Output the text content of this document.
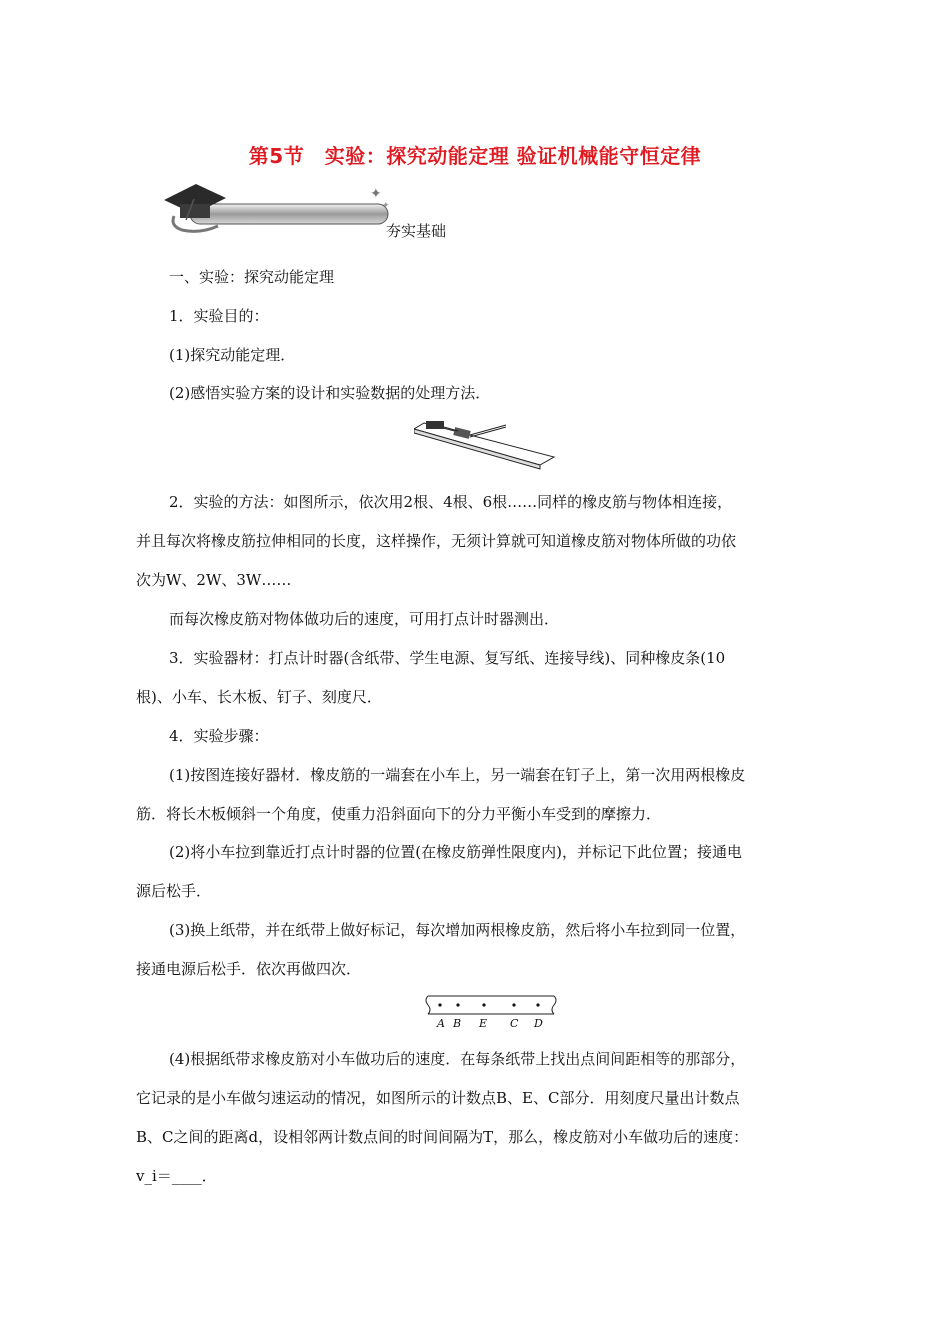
第5节　实验：探究动能定理 验证机械能守恒定律
✦
✦
夯实基础
一、实验：探究动能定理
1．实验目的：
(1)探究动能定理．
(2)感悟实验方案的设计和实验数据的处理方法．
2．实验的方法：如图所示，依次用2根、4根、6根……同样的橡皮筋与物体相连接，
并且每次将橡皮筋拉伸相同的长度，这样操作，无须计算就可知道橡皮筋对物体所做的功依
次为W、2W、3W……
而每次橡皮筋对物体做功后的速度，可用打点计时器测出．
3．实验器材：打点计时器(含纸带、学生电源、复写纸、连接导线)、同种橡皮条(10
根)、小车、长木板、钉子、刻度尺．
4．实验步骤：
(1)按图连接好器材．橡皮筋的一端套在小车上，另一端套在钉子上，第一次用两根橡皮
筋．将长木板倾斜一个角度，使重力沿斜面向下的分力平衡小车受到的摩擦力．
(2)将小车拉到靠近打点计时器的位置(在橡皮筋弹性限度内)，并标记下此位置；接通电
源后松手．
(3)换上纸带，并在纸带上做好标记，每次增加两根橡皮筋，然后将小车拉到同一位置，
接通电源后松手．依次再做四次．
A B E C D
(4)根据纸带求橡皮筋对小车做功后的速度．在每条纸带上找出点间间距相等的那部分，
它记录的是小车做匀速运动的情况，如图所示的计数点B、E、C部分．用刻度尺量出计数点
B、C之间的距离d，设相邻两计数点间的时间间隔为T，那么，橡皮筋对小车做功后的速度：
v_i＝____．
